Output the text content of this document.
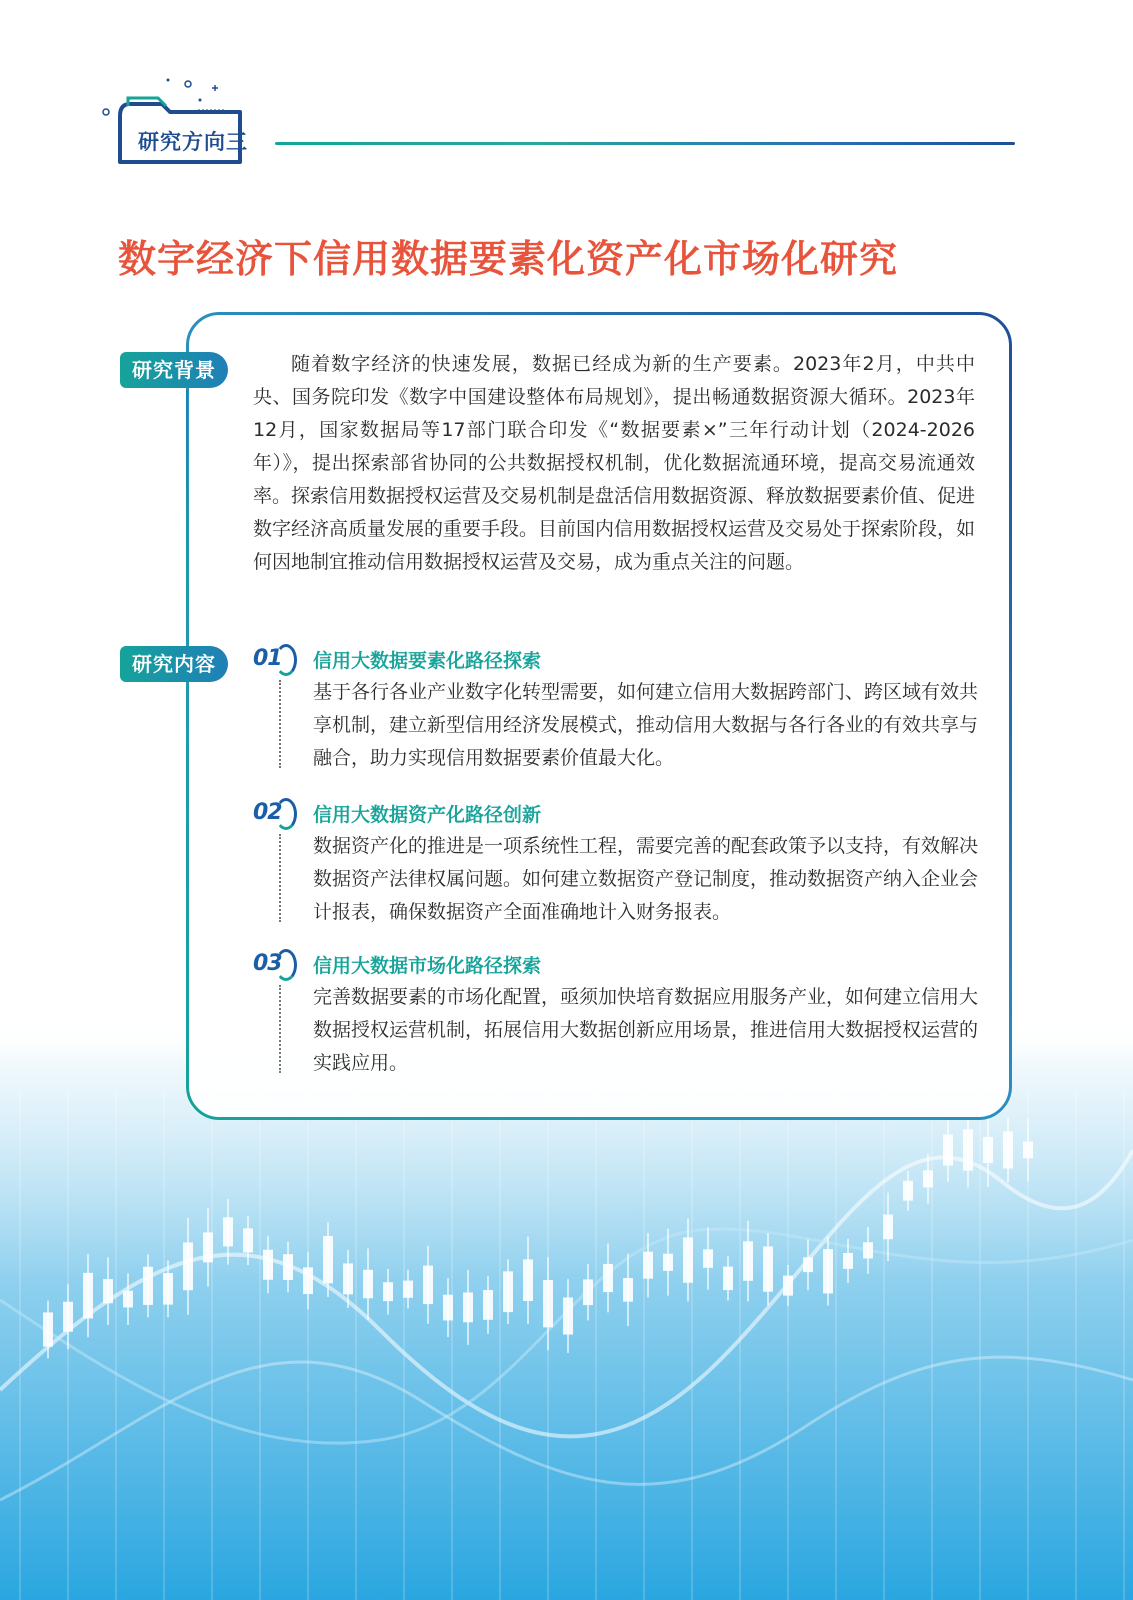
研究方向三
数字经济下信用数据要素化资产化市场化研究
研究背景	随着数字经济的快速发展，数据已经成为新的生产要素。2023年2月，中共中央、国务院印发《数字中国建设整体布局规划》，提出畅通数据资源大循环。2023年12月，国家数据局等17部门联合印发《“数据要素×”三年行动计划（2024-2026年）》，提出探索部省协同的公共数据授权机制，优化数据流通环境，提高交易流通效率。探索信用数据授权运营及交易机制是盘活信用数据资源、释放数据要素价值、促进数字经济高质量发展的重要手段。目前国内信用数据授权运营及交易处于探索阶段，如何因地制宜推动信用数据授权运营及交易，成为重点关注的问题。
研究内容	01 信用大数据要素化路径探索
基于各行各业产业数字化转型需要，如何建立信用大数据跨部门、跨区域有效共享机制，建立新型信用经济发展模式，推动信用大数据与各行各业的有效共享与融合，助力实现信用数据要素价值最大化。
02 信用大数据资产化路径创新
数据资产化的推进是一项系统性工程，需要完善的配套政策予以支持，有效解决数据资产法律权属问题。如何建立数据资产登记制度，推动数据资产纳入企业会计报表，确保数据资产全面准确地计入财务报表。
03 信用大数据市场化路径探索
完善数据要素的市场化配置，亟须加快培育数据应用服务产业，如何建立信用大数据授权运营机制，拓展信用大数据创新应用场景，推进信用大数据授权运营的实践应用。
